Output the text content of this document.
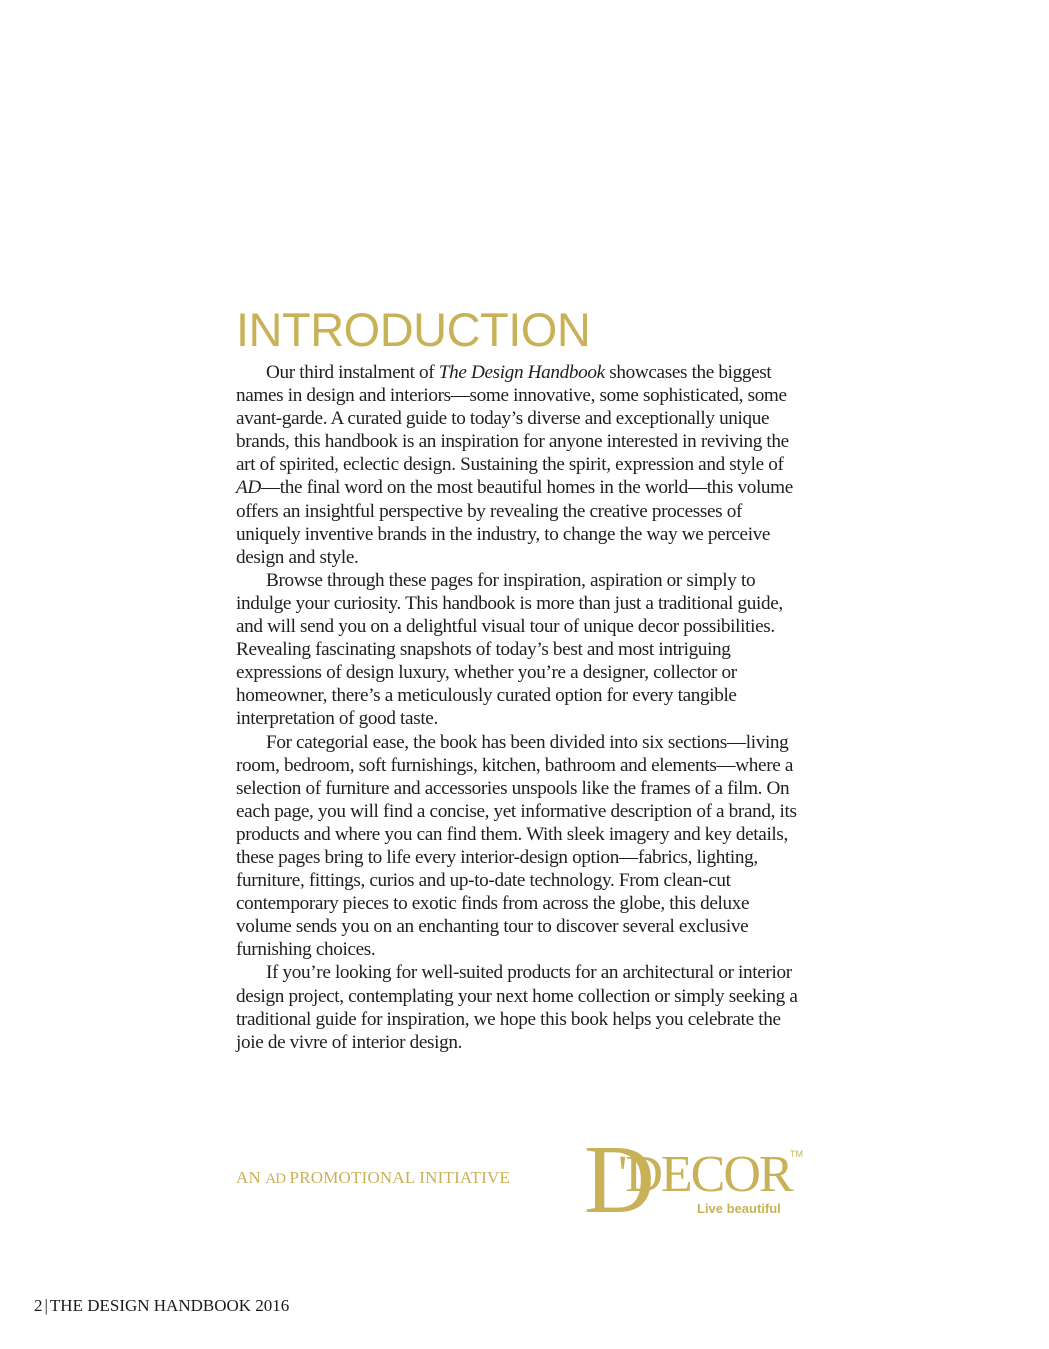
INTRODUCTION

Our third instalment of The Design Handbook showcases the biggest names in design and interiors—some innovative, some sophisticated, some avant-garde. A curated guide to today’s diverse and exceptionally unique brands, this handbook is an inspiration for anyone interested in reviving the art of spirited, eclectic design. Sustaining the spirit, expression and style of AD—the final word on the most beautiful homes in the world—this volume offers an insightful perspective by revealing the creative processes of uniquely inventive brands in the industry, to change the way we perceive design and style.

Browse through these pages for inspiration, aspiration or simply to indulge your curiosity. This handbook is more than just a traditional guide, and will send you on a delightful visual tour of unique decor possibilities. Revealing fascinating snapshots of today’s best and most intriguing expressions of design luxury, whether you’re a designer, collector or homeowner, there’s a meticulously curated option for every tangible interpretation of good taste.

For categorial ease, the book has been divided into six sections—living room, bedroom, soft furnishings, kitchen, bathroom and elements—where a selection of furniture and accessories unspools like the frames of a film. On each page, you will find a concise, yet informative description of a brand, its products and where you can find them. With sleek imagery and key details, these pages bring to life every interior-design option—fabrics, lighting, furniture, fittings, curios and up-to-date technology. From clean-cut contemporary pieces to exotic finds from across the globe, this deluxe volume sends you on an enchanting tour to discover several exclusive furnishing choices.

If you’re looking for well-suited products for an architectural or interior design project, contemplating your next home collection or simply seeking a traditional guide for inspiration, we hope this book helps you celebrate the joie de vivre of interior design.

AN AD PROMOTIONAL INITIATIVE D
'DECOR
TM
Live beautiful
2 | THE DESIGN HANDBOOK 2016
